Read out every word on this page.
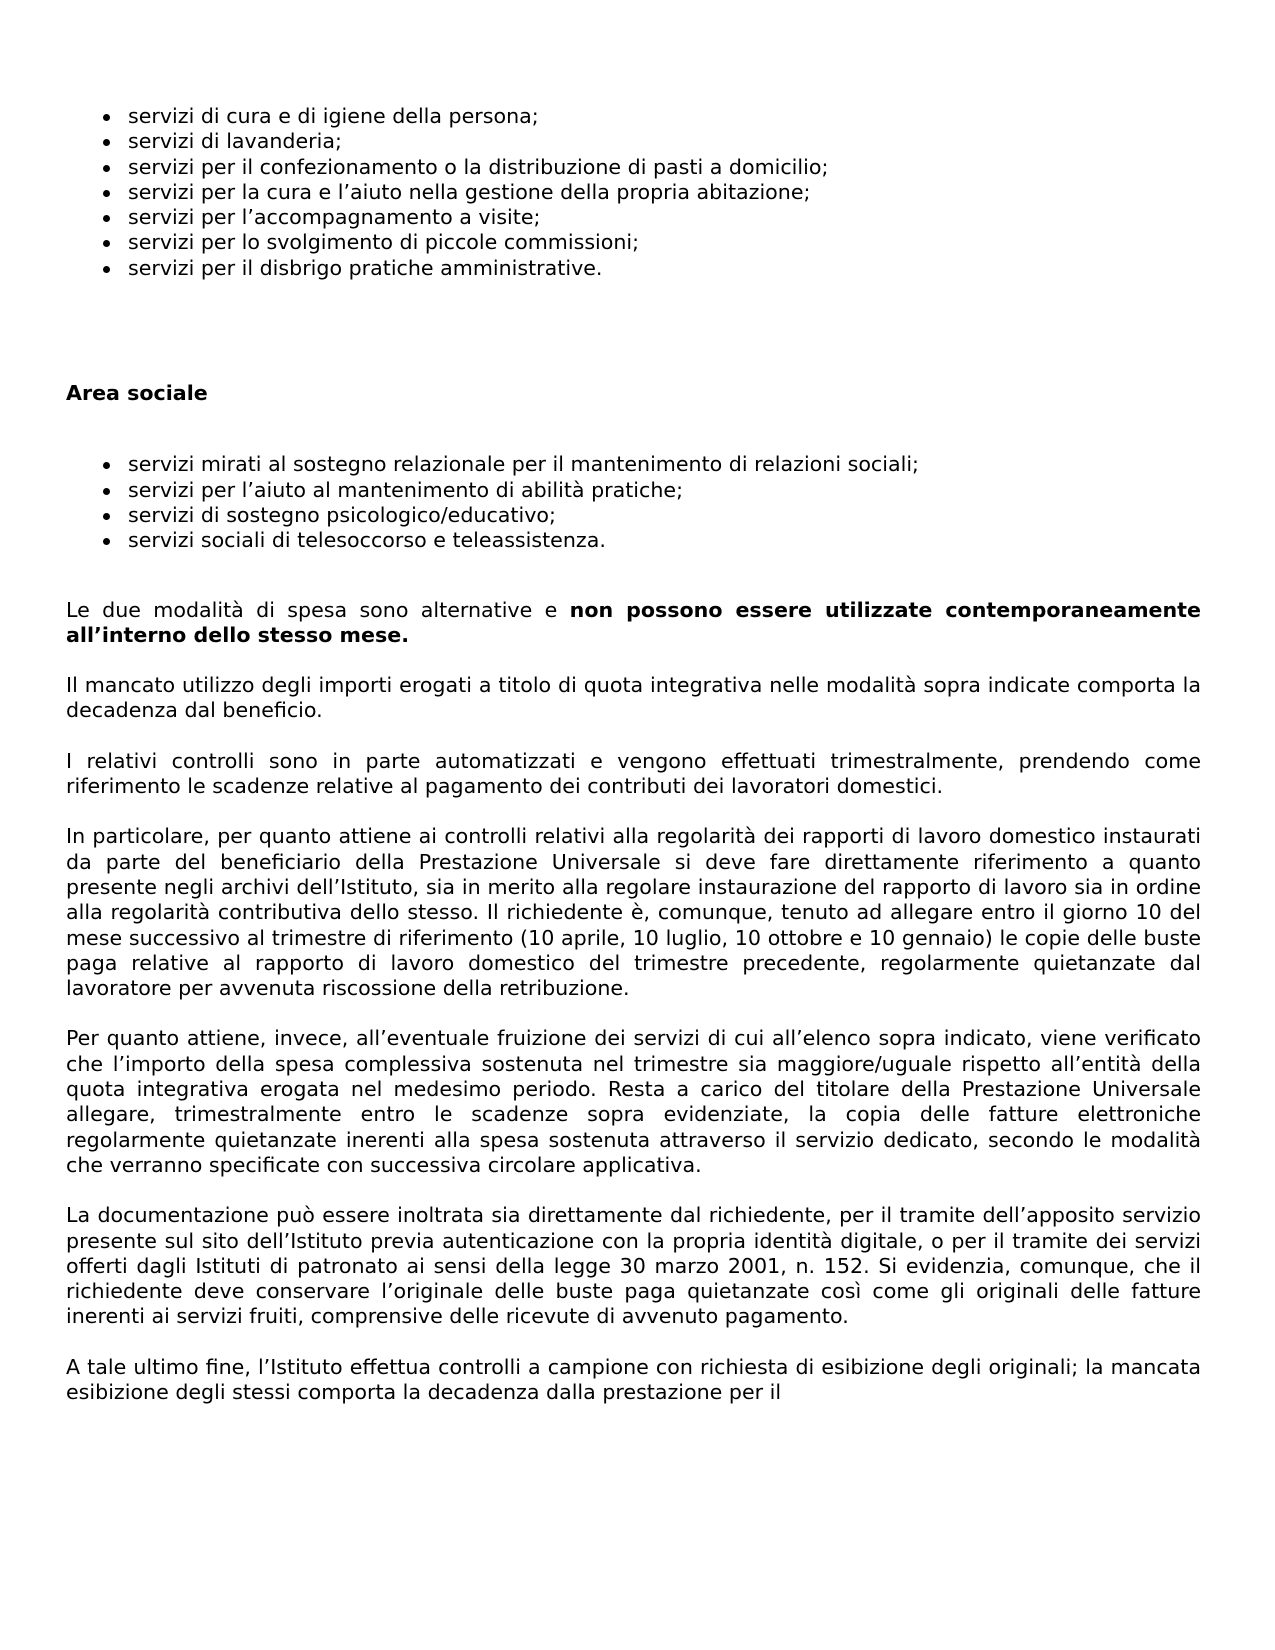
servizi di cura e di igiene della persona;
servizi di lavanderia;
servizi per il confezionamento o la distribuzione di pasti a domicilio;
servizi per la cura e l’aiuto nella gestione della propria abitazione;
servizi per l’accompagnamento a visite;
servizi per lo svolgimento di piccole commissioni;
servizi per il disbrigo pratiche amministrative.

Area sociale

servizi mirati al sostegno relazionale per il mantenimento di relazioni sociali;
servizi per l’aiuto al mantenimento di abilità pratiche;
servizi di sostegno psicologico/educativo;
servizi sociali di telesoccorso e teleassistenza.

Le due modalità di spesa sono alternative e non possono essere utilizzate contemporaneamente all’interno dello stesso mese.

Il mancato utilizzo degli importi erogati a titolo di quota integrativa nelle modalità sopra indicate comporta la decadenza dal beneficio.

I relativi controlli sono in parte automatizzati e vengono effettuati trimestralmente, prendendo come riferimento le scadenze relative al pagamento dei contributi dei lavoratori domestici.

In particolare, per quanto attiene ai controlli relativi alla regolarità dei rapporti di lavoro domestico instaurati da parte del beneficiario della Prestazione Universale si deve fare direttamente riferimento a quanto presente negli archivi dell’Istituto, sia in merito alla regolare instaurazione del rapporto di lavoro sia in ordine alla regolarità contributiva dello stesso. Il richiedente è, comunque, tenuto ad allegare entro il giorno 10 del mese successivo al trimestre di riferimento (10 aprile, 10 luglio, 10 ottobre e 10 gennaio) le copie delle buste paga relative al rapporto di lavoro domestico del trimestre precedente, regolarmente quietanzate dal lavoratore per avvenuta riscossione della retribuzione.

Per quanto attiene, invece, all’eventuale fruizione dei servizi di cui all’elenco sopra indicato, viene verificato che l’importo della spesa complessiva sostenuta nel trimestre sia maggiore/uguale rispetto all’entità della quota integrativa erogata nel medesimo periodo. Resta a carico del titolare della Prestazione Universale allegare, trimestralmente entro le scadenze sopra evidenziate, la copia delle fatture elettroniche regolarmente quietanzate inerenti alla spesa sostenuta attraverso il servizio dedicato, secondo le modalità che verranno specificate con successiva circolare applicativa.

La documentazione può essere inoltrata sia direttamente dal richiedente, per il tramite dell’apposito servizio presente sul sito dell’Istituto previa autenticazione con la propria identità digitale, o per il tramite dei servizi offerti dagli Istituti di patronato ai sensi della legge 30 marzo 2001, n. 152. Si evidenzia, comunque, che il richiedente deve conservare l’originale delle buste paga quietanzate così come gli originali delle fatture inerenti ai servizi fruiti, comprensive delle ricevute di avvenuto pagamento.

A tale ultimo fine, l’Istituto effettua controlli a campione con richiesta di esibizione degli originali; la mancata esibizione degli stessi comporta la decadenza dalla prestazione per il
